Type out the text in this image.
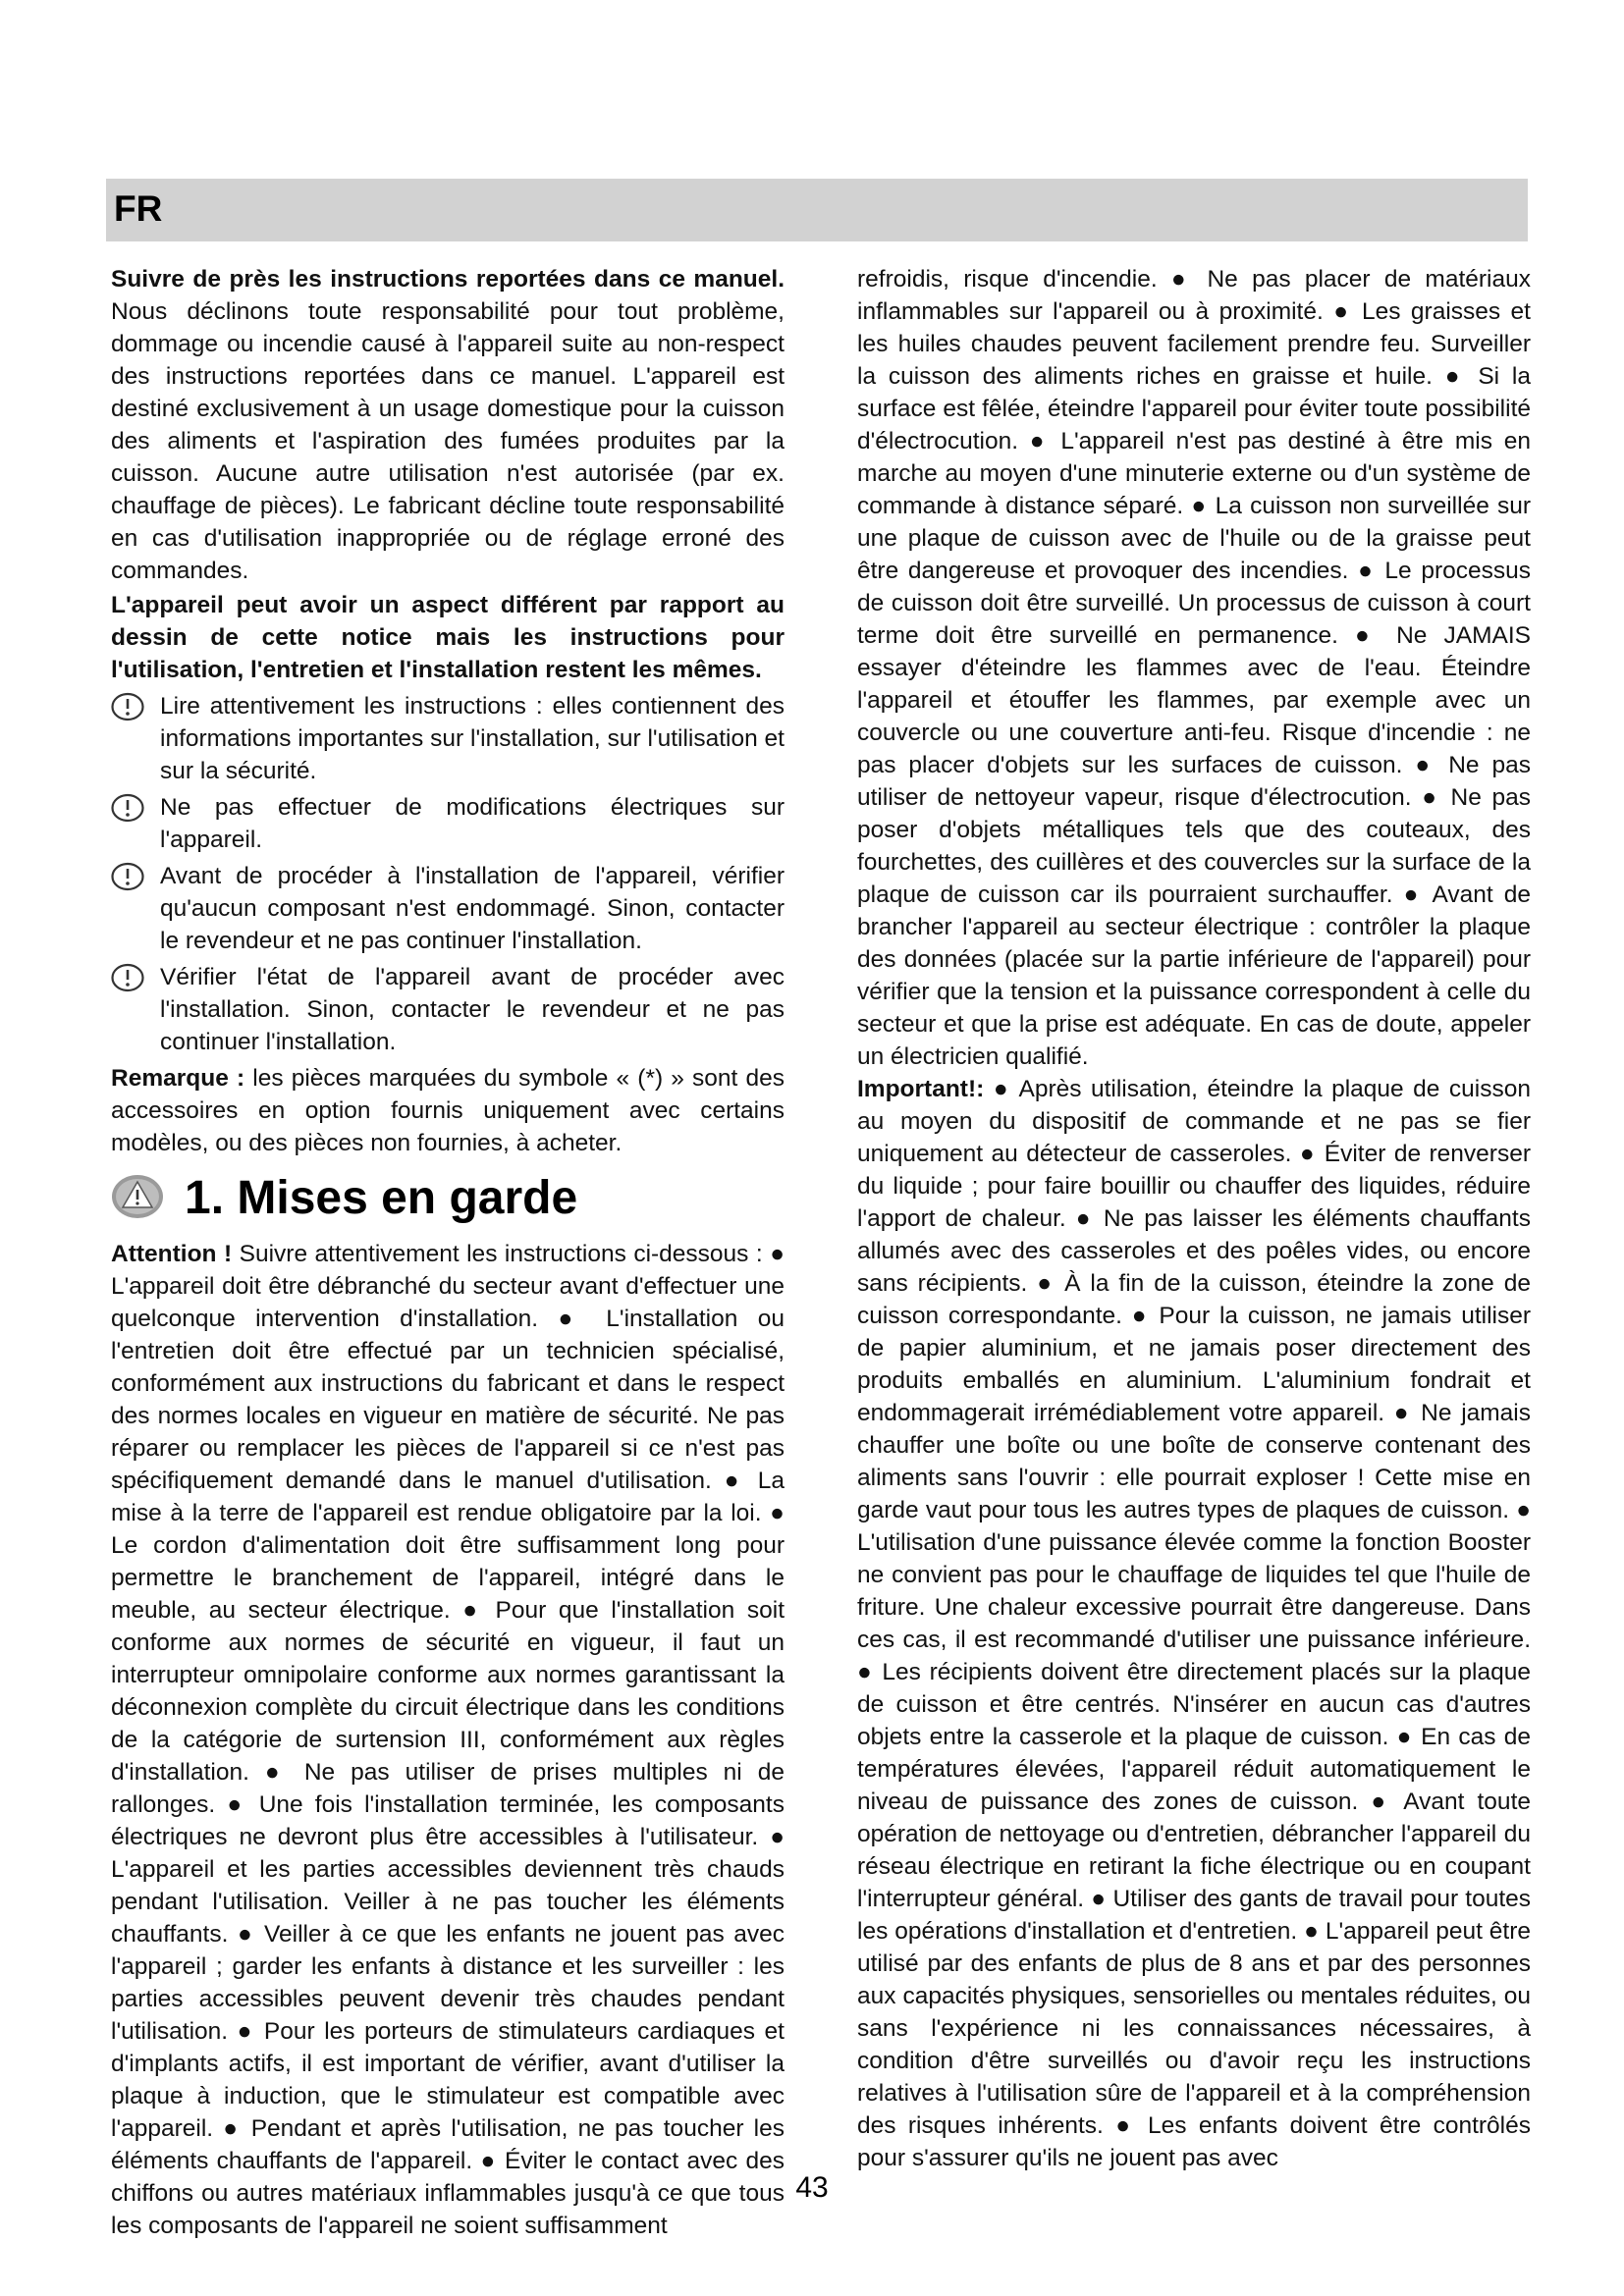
FR

Suivre de près les instructions reportées dans ce manuel. Nous déclinons toute responsabilité pour tout problème, dommage ou incendie causé à l'appareil suite au non-respect des instructions reportées dans ce manuel. L'appareil est destiné exclusivement à un usage domestique pour la cuisson des aliments et l'aspiration des fumées produites par la cuisson. Aucune autre utilisation n'est autorisée (par ex. chauffage de pièces). Le fabricant décline toute responsabilité en cas d'utilisation inappropriée ou de réglage erroné des commandes.

L'appareil peut avoir un aspect différent par rapport au dessin de cette notice mais les instructions pour l'utilisation, l'entretien et l'installation restent les mêmes.

Lire attentivement les instructions : elles contiennent des informations importantes sur l'installation, sur l'utilisation et sur la sécurité.
Ne pas effectuer de modifications électriques sur l'appareil.
Avant de procéder à l'installation de l'appareil, vérifier qu'aucun composant n'est endommagé. Sinon, contacter le revendeur et ne pas continuer l'installation.
Vérifier l'état de l'appareil avant de procéder avec l'installation. Sinon, contacter le revendeur et ne pas continuer l'installation.

Remarque : les pièces marquées du symbole « (*) » sont des accessoires en option fournis uniquement avec certains modèles, ou des pièces non fournies, à acheter.

1. Mises en garde

Attention ! Suivre attentivement les instructions ci-dessous : ● L'appareil doit être débranché du secteur avant d'effectuer une quelconque intervention d'installation. ● L'installation ou l'entretien doit être effectué par un technicien spécialisé, conformément aux instructions du fabricant et dans le respect des normes locales en vigueur en matière de sécurité. Ne pas réparer ou remplacer les pièces de l'appareil si ce n'est pas spécifiquement demandé dans le manuel d'utilisation. ● La mise à la terre de l'appareil est rendue obligatoire par la loi. ● Le cordon d'alimentation doit être suffisamment long pour permettre le branchement de l'appareil, intégré dans le meuble, au secteur électrique. ● Pour que l'installation soit conforme aux normes de sécurité en vigueur, il faut un interrupteur omnipolaire conforme aux normes garantissant la déconnexion complète du circuit électrique dans les conditions de la catégorie de surtension III, conformément aux règles d'installation. ● Ne pas utiliser de prises multiples ni de rallonges. ● Une fois l'installation terminée, les composants électriques ne devront plus être accessibles à l'utilisateur. ● L'appareil et les parties accessibles deviennent très chauds pendant l'utilisation. Veiller à ne pas toucher les éléments chauffants. ● Veiller à ce que les enfants ne jouent pas avec l'appareil ; garder les enfants à distance et les surveiller : les parties accessibles peuvent devenir très chaudes pendant l'utilisation. ● Pour les porteurs de stimulateurs cardiaques et d'implants actifs, il est important de vérifier, avant d'utiliser la plaque à induction, que le stimulateur est compatible avec l'appareil. ● Pendant et après l'utilisation, ne pas toucher les éléments chauffants de l'appareil. ● Éviter le contact avec des chiffons ou autres matériaux inflammables jusqu'à ce que tous les composants de l'appareil ne soient suffisamment

refroidis, risque d'incendie. ● Ne pas placer de matériaux inflammables sur l'appareil ou à proximité. ● Les graisses et les huiles chaudes peuvent facilement prendre feu. Surveiller la cuisson des aliments riches en graisse et huile. ● Si la surface est fêlée, éteindre l'appareil pour éviter toute possibilité d'électrocution. ● L'appareil n'est pas destiné à être mis en marche au moyen d'une minuterie externe ou d'un système de commande à distance séparé. ● La cuisson non surveillée sur une plaque de cuisson avec de l'huile ou de la graisse peut être dangereuse et provoquer des incendies. ● Le processus de cuisson doit être surveillé. Un processus de cuisson à court terme doit être surveillé en permanence. ● Ne JAMAIS essayer d'éteindre les flammes avec de l'eau. Éteindre l'appareil et étouffer les flammes, par exemple avec un couvercle ou une couverture anti-feu. Risque d'incendie : ne pas placer d'objets sur les surfaces de cuisson. ● Ne pas utiliser de nettoyeur vapeur, risque d'électrocution. ● Ne pas poser d'objets métalliques tels que des couteaux, des fourchettes, des cuillères et des couvercles sur la surface de la plaque de cuisson car ils pourraient surchauffer. ● Avant de brancher l'appareil au secteur électrique : contrôler la plaque des données (placée sur la partie inférieure de l'appareil) pour vérifier que la tension et la puissance correspondent à celle du secteur et que la prise est adéquate. En cas de doute, appeler un électricien qualifié.

Important!: ● Après utilisation, éteindre la plaque de cuisson au moyen du dispositif de commande et ne pas se fier uniquement au détecteur de casseroles. ● Éviter de renverser du liquide ; pour faire bouillir ou chauffer des liquides, réduire l'apport de chaleur. ● Ne pas laisser les éléments chauffants allumés avec des casseroles et des poêles vides, ou encore sans récipients. ● À la fin de la cuisson, éteindre la zone de cuisson correspondante. ● Pour la cuisson, ne jamais utiliser de papier aluminium, et ne jamais poser directement des produits emballés en aluminium. L'aluminium fondrait et endommagerait irrémédiablement votre appareil. ● Ne jamais chauffer une boîte ou une boîte de conserve contenant des aliments sans l'ouvrir : elle pourrait exploser ! Cette mise en garde vaut pour tous les autres types de plaques de cuisson. ● L'utilisation d'une puissance élevée comme la fonction Booster ne convient pas pour le chauffage de liquides tel que l'huile de friture. Une chaleur excessive pourrait être dangereuse. Dans ces cas, il est recommandé d'utiliser une puissance inférieure. ● Les récipients doivent être directement placés sur la plaque de cuisson et être centrés. N'insérer en aucun cas d'autres objets entre la casserole et la plaque de cuisson. ● En cas de températures élevées, l'appareil réduit automatiquement le niveau de puissance des zones de cuisson. ● Avant toute opération de nettoyage ou d'entretien, débrancher l'appareil du réseau électrique en retirant la fiche électrique ou en coupant l'interrupteur général. ● Utiliser des gants de travail pour toutes les opérations d'installation et d'entretien. ● L'appareil peut être utilisé par des enfants de plus de 8 ans et par des personnes aux capacités physiques, sensorielles ou mentales réduites, ou sans l'expérience ni les connaissances nécessaires, à condition d'être surveillés ou d'avoir reçu les instructions relatives à l'utilisation sûre de l'appareil et à la compréhension des risques inhérents. ● Les enfants doivent être contrôlés pour s'assurer qu'ils ne jouent pas avec

43
